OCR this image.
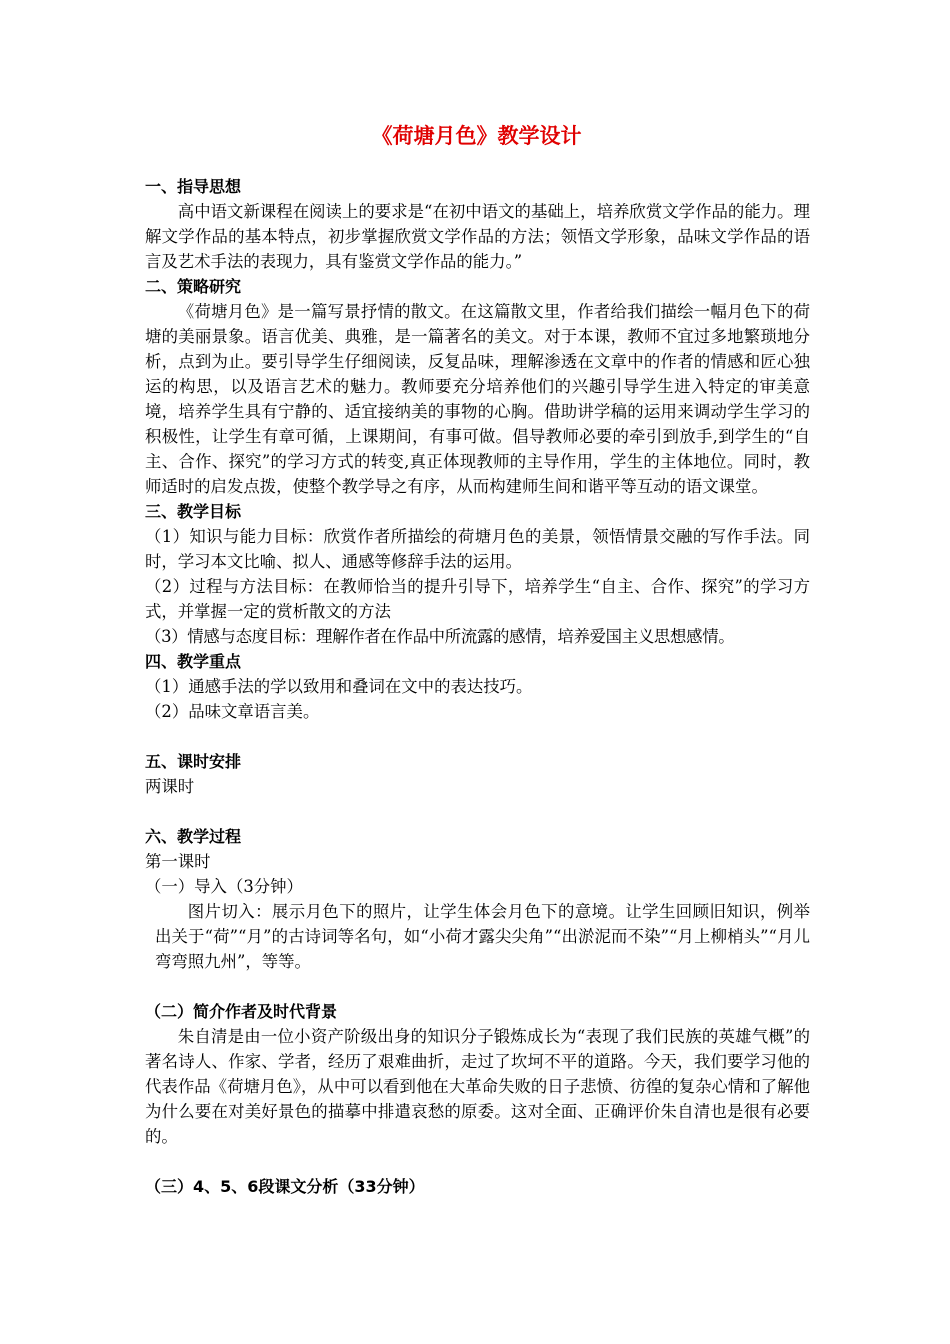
《荷塘月色》教学设计
一、指导思想
高中语文新课程在阅读上的要求是“在初中语文的基础上，培养欣赏文学作品的能力。理解文学作品的基本特点，初步掌握欣赏文学作品的方法；领悟文学形象，品味文学作品的语言及艺术手法的表现力，具有鉴赏文学作品的能力。”
二、策略研究
《荷塘月色》是一篇写景抒情的散文。在这篇散文里，作者给我们描绘一幅月色下的荷塘的美丽景象。语言优美、典雅，是一篇著名的美文。对于本课，教师不宜过多地繁琐地分析，点到为止。要引导学生仔细阅读，反复品味，理解渗透在文章中的作者的情感和匠心独运的构思，以及语言艺术的魅力。教师要充分培养他们的兴趣引导学生进入特定的审美意境，培养学生具有宁静的、适宜接纳美的事物的心胸。借助讲学稿的运用来调动学生学习的积极性，让学生有章可循，上课期间，有事可做。倡导教师必要的牵引到放手,到学生的“自主、合作、探究”的学习方式的转变,真正体现教师的主导作用，学生的主体地位。同时，教师适时的启发点拨，使整个教学导之有序，从而构建师生间和谐平等互动的语文课堂。
三、教学目标
（1）知识与能力目标：欣赏作者所描绘的荷塘月色的美景，领悟情景交融的写作手法。同时，学习本文比喻、拟人、通感等修辞手法的运用。
（2）过程与方法目标：在教师恰当的提升引导下，培养学生“自主、合作、探究”的学习方式，并掌握一定的赏析散文的方法
（3）情感与态度目标：理解作者在作品中所流露的感情，培养爱国主义思想感情。
四、教学重点
（1）通感手法的学以致用和叠词在文中的表达技巧。
（2）品味文章语言美。
五、课时安排
两课时
六、教学过程
第一课时
（一）导入（3分钟）
图片切入：展示月色下的照片，让学生体会月色下的意境。让学生回顾旧知识，例举出关于“荷”“月”的古诗词等名句，如“小荷才露尖尖角”“出淤泥而不染”“月上柳梢头”“月儿弯弯照九州”，等等。
（二）简介作者及时代背景
朱自清是由一位小资产阶级出身的知识分子锻炼成长为“表现了我们民族的英雄气概”的著名诗人、作家、学者，经历了艰难曲折，走过了坎坷不平的道路。今天，我们要学习他的代表作品《荷塘月色》，从中可以看到他在大革命失败的日子悲愤、彷徨的复杂心情和了解他为什么要在对美好景色的描摹中排遣哀愁的原委。这对全面、正确评价朱自清也是很有必要的。
（三）4、5、6段课文分析（33分钟）
